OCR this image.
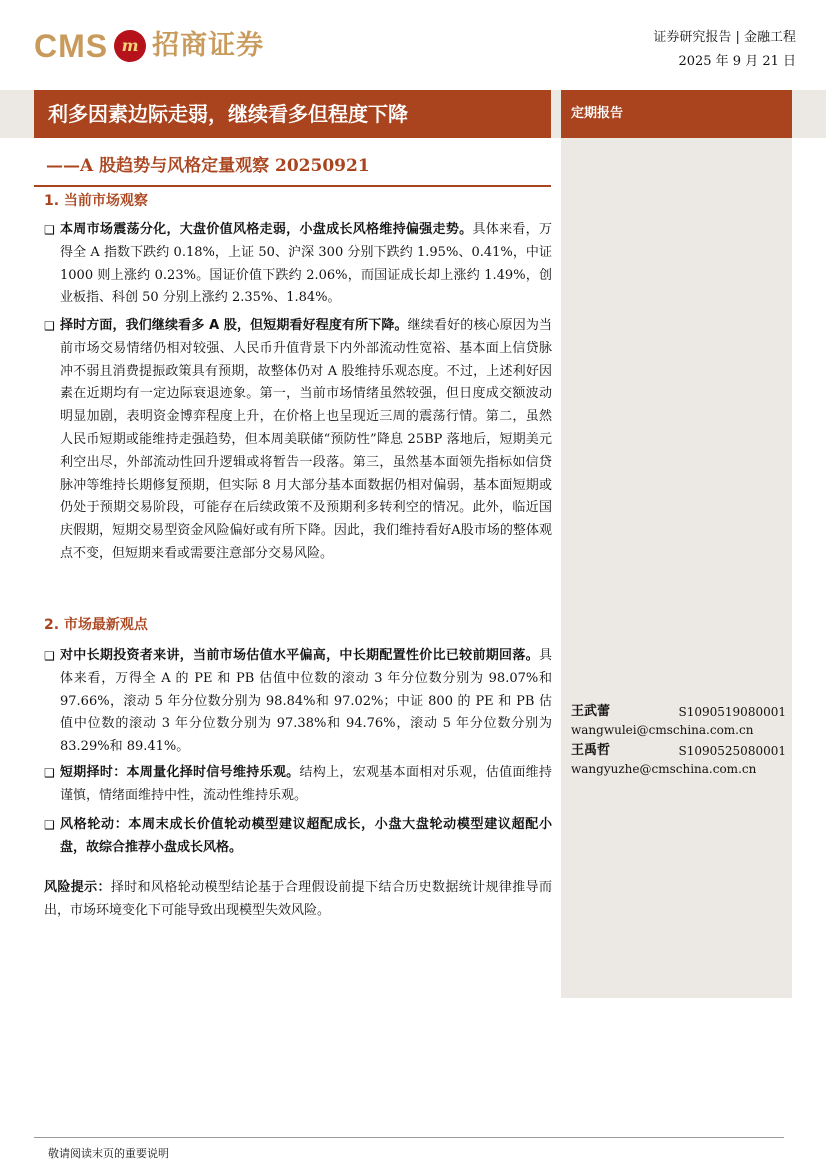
CMS m 招商证券	证券研究报告 | 金融工程
2025 年 9 月 21 日
利多因素边际走弱，继续看多但程度下降	定期报告
——A 股趋势与风格定量观察 20250921
王武蕾	S1090519080001
wangwulei@cmschina.com.cn
王禹哲	S1090525080001
wangyuzhe@cmschina.com.cn
1. 当前市场观察
❑ 本周市场震荡分化，大盘价值风格走弱，小盘成长风格维持偏强走势。具体来看，万得全 A 指数下跌约 0.18%，上证 50、沪深 300 分别下跌约 1.95%、0.41%，中证 1000 则上涨约 0.23%。国证价值下跌约 2.06%，而国证成长却上涨约 1.49%，创业板指、科创 50 分别上涨约 2.35%、1.84%。
❑ 择时方面，我们继续看多 A 股，但短期看好程度有所下降。继续看好的核心原因为当前市场交易情绪仍相对较强、人民币升值背景下内外部流动性宽裕、基本面上信贷脉冲不弱且消费提振政策具有预期，故整体仍对 A 股维持乐观态度。不过，上述利好因素在近期均有一定边际衰退迹象。第一，当前市场情绪虽然较强，但日度成交额波动明显加剧，表明资金博弈程度上升，在价格上也呈现近三周的震荡行情。第二，虽然人民币短期或能维持走强趋势，但本周美联储“预防性”降息 25BP 落地后，短期美元利空出尽，外部流动性回升逻辑或将暂告一段落。第三，虽然基本面领先指标如信贷脉冲等维持长期修复预期，但实际 8 月大部分基本面数据仍相对偏弱，基本面短期或仍处于预期交易阶段，可能存在后续政策不及预期利多转利空的情况。此外，临近国庆假期，短期交易型资金风险偏好或有所下降。因此，我们维持看好A股市场的整体观点不变，但短期来看或需要注意部分交易风险。
2. 市场最新观点
❑ 对中长期投资者来讲，当前市场估值水平偏高，中长期配置性价比已较前期回落。具体来看，万得全 A 的 PE 和 PB 估值中位数的滚动 3 年分位数分别为 98.07%和 97.66%，滚动 5 年分位数分别为 98.84%和 97.02%；中证 800 的 PE 和 PB 估值中位数的滚动 3 年分位数分别为 97.38%和 94.76%，滚动 5 年分位数分别为 83.29%和 89.41%。
❑ 短期择时：本周量化择时信号维持乐观。结构上，宏观基本面相对乐观，估值面维持谨慎，情绪面维持中性，流动性维持乐观。
❑ 风格轮动：本周末成长价值轮动模型建议超配成长，小盘大盘轮动模型建议超配小盘，故综合推荐小盘成长风格。
风险提示：择时和风格轮动模型结论基于合理假设前提下结合历史数据统计规律推导而出，市场环境变化下可能导致出现模型失效风险。
敬请阅读末页的重要说明
